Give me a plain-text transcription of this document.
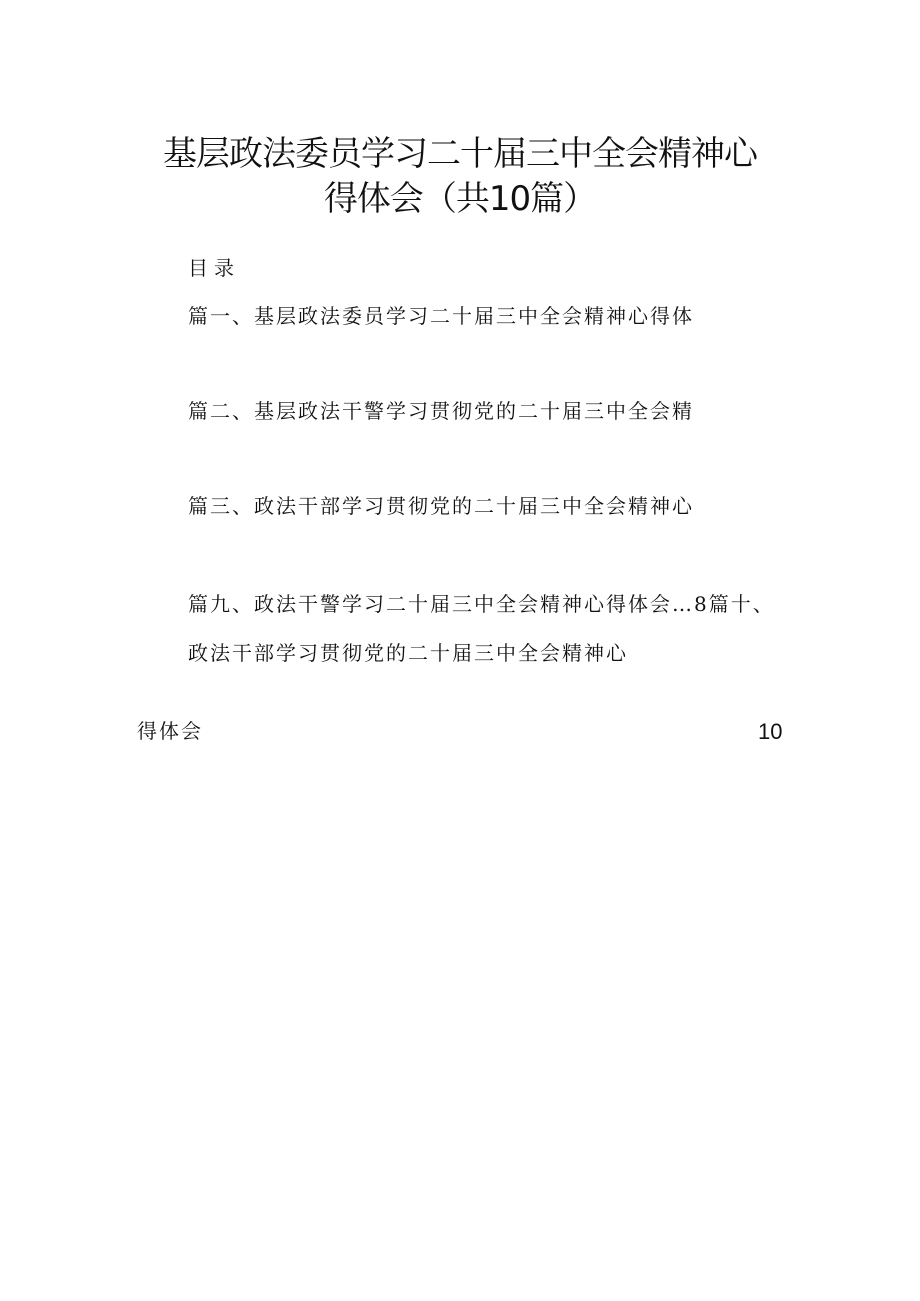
基层政法委员学习二十届三中全会精神心
得体会（共10篇）
目录
篇一、基层政法委员学习二十届三中全会精神心得体
篇二、基层政法干警学习贯彻党的二十届三中全会精
篇三、政法干部学习贯彻党的二十届三中全会精神心
篇九、政法干警学习二十届三中全会精神心得体会…8篇十、
政法干部学习贯彻党的二十届三中全会精神心
得体会	10
